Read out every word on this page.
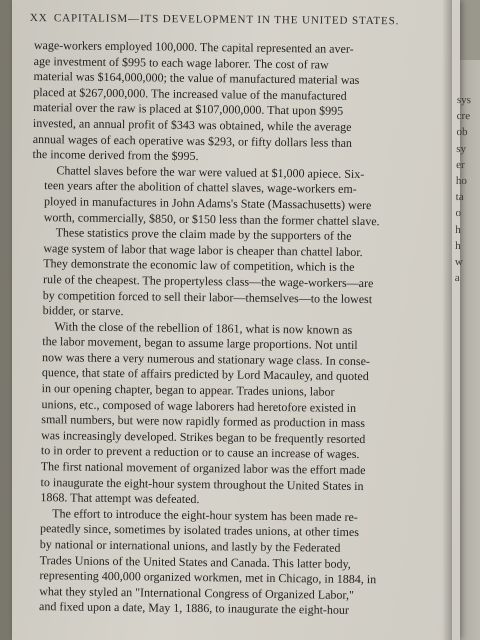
XX CAPITALISM—ITS DEVELOPMENT IN THE UNITED STATES.

wage-workers employed 100,000. The capital represented an aver-
age investment of $995 to each wage laborer. The cost of raw
material was $164,000,000; the value of manufactured material was
placed at $267,000,000. The increased value of the manufactured
material over the raw is placed at $107,000,000. That upon $995
invested, an annual profit of $343 was obtained, while the average
annual wages of each operative was $293, or fifty dollars less than
the income derived from the $995.

Chattel slaves before the war were valued at $1,000 apiece. Six-
teen years after the abolition of chattel slaves, wage-workers em-
ployed in manufactures in John Adams's State (Massachusetts) were
worth, commercially, $850, or $150 less than the former chattel slave.

These statistics prove the claim made by the supporters of the
wage system of labor that wage labor is cheaper than chattel labor.
They demonstrate the economic law of competition, which is the
rule of the cheapest. The propertyless class—the wage-workers—are
by competition forced to sell their labor—themselves—to the lowest
bidder, or starve.

With the close of the rebellion of 1861, what is now known as
the labor movement, began to assume large proportions. Not until
now was there a very numerous and stationary wage class. In conse-
quence, that state of affairs predicted by Lord Macauley, and quoted
in our opening chapter, began to appear. Trades unions, labor
unions, etc., composed of wage laborers had heretofore existed in
small numbers, but were now rapidly formed as production in mass
was increasingly developed. Strikes began to be frequently resorted
to in order to prevent a reduction or to cause an increase of wages.
The first national movement of organized labor was the effort made
to inaugurate the eight-hour system throughout the United States in
1868. That attempt was defeated.

The effort to introduce the eight-hour system has been made re-
peatedly since, sometimes by isolated trades unions, at other times
by national or international unions, and lastly by the Federated
Trades Unions of the United States and Canada. This latter body,
representing 400,000 organized workmen, met in Chicago, in 1884, in
what they styled an "International Congress of Organized Labor,"
and fixed upon a date, May 1, 1886, to inaugurate the eight-hour

sys
cre
ob
sy
er
ho
ta
o
h
h
w
a
